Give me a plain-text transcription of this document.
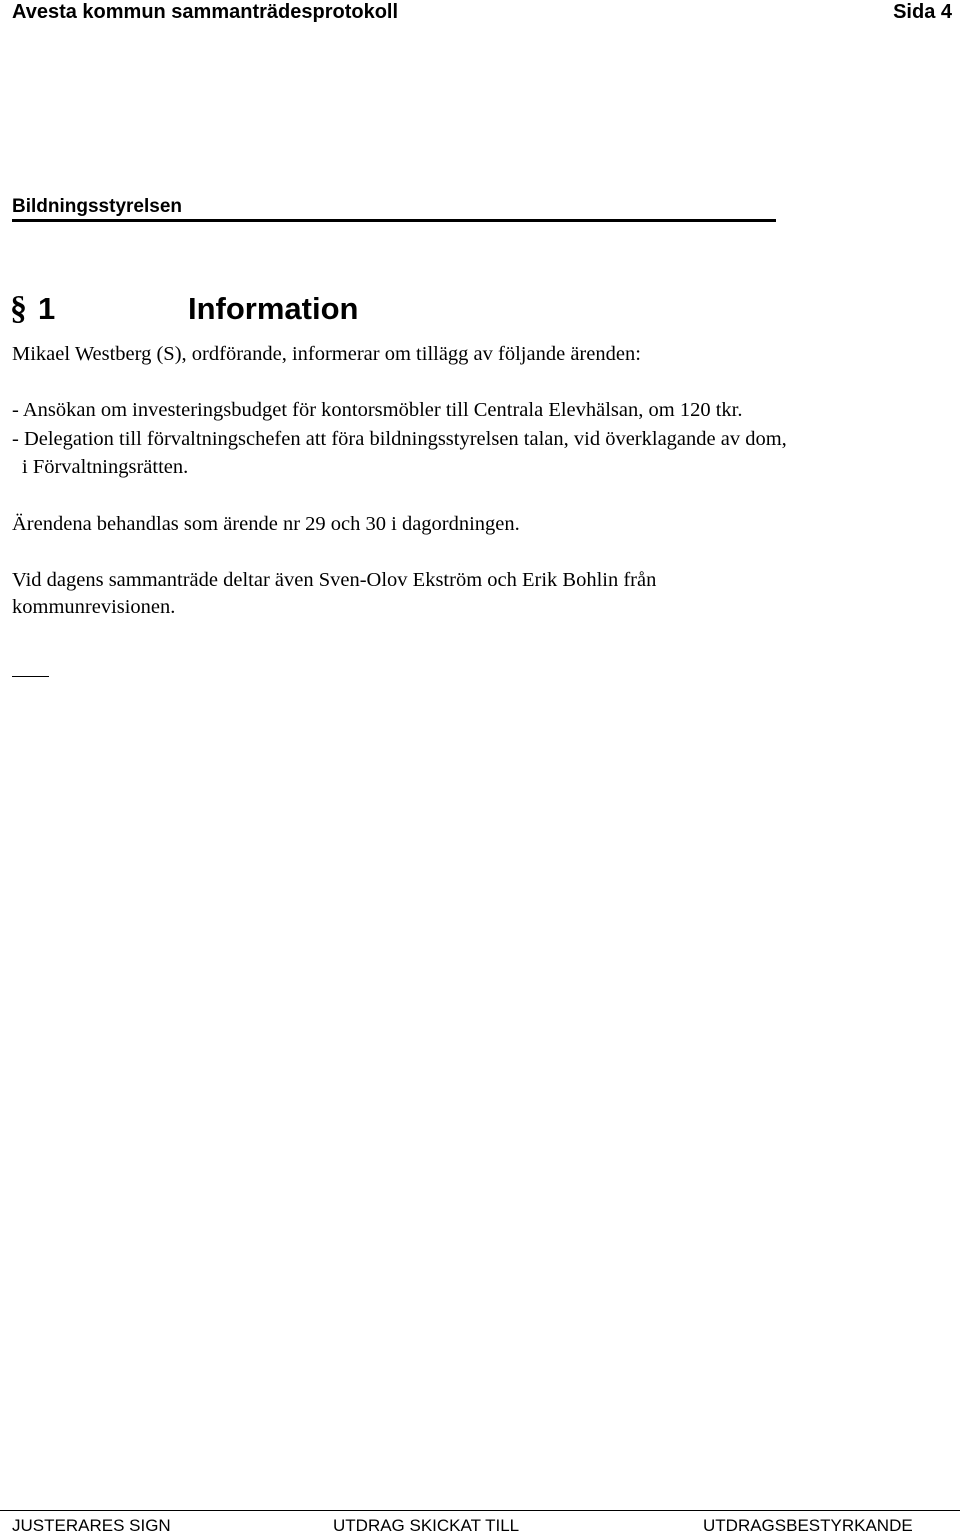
Avesta kommun sammanträdesprotokoll	Sida 4
Bildningsstyrelsen
§ 1	Information
Mikael Westberg (S), ordförande, informerar om tillägg av följande ärenden:
- Ansökan om investeringsbudget för kontorsmöbler till Centrala Elevhälsan, om 120 tkr.
- Delegation till förvaltningschefen att föra bildningsstyrelsen talan, vid överklagande av dom,
i Förvaltningsrätten.
Ärendena behandlas som ärende nr 29 och 30 i dagordningen.
Vid dagens sammanträde deltar även Sven-Olov Ekström och Erik Bohlin från
kommunrevisionen.
JUSTERARES SIGN	UTDRAG SKICKAT TILL	UTDRAGSBESTYRKANDE
